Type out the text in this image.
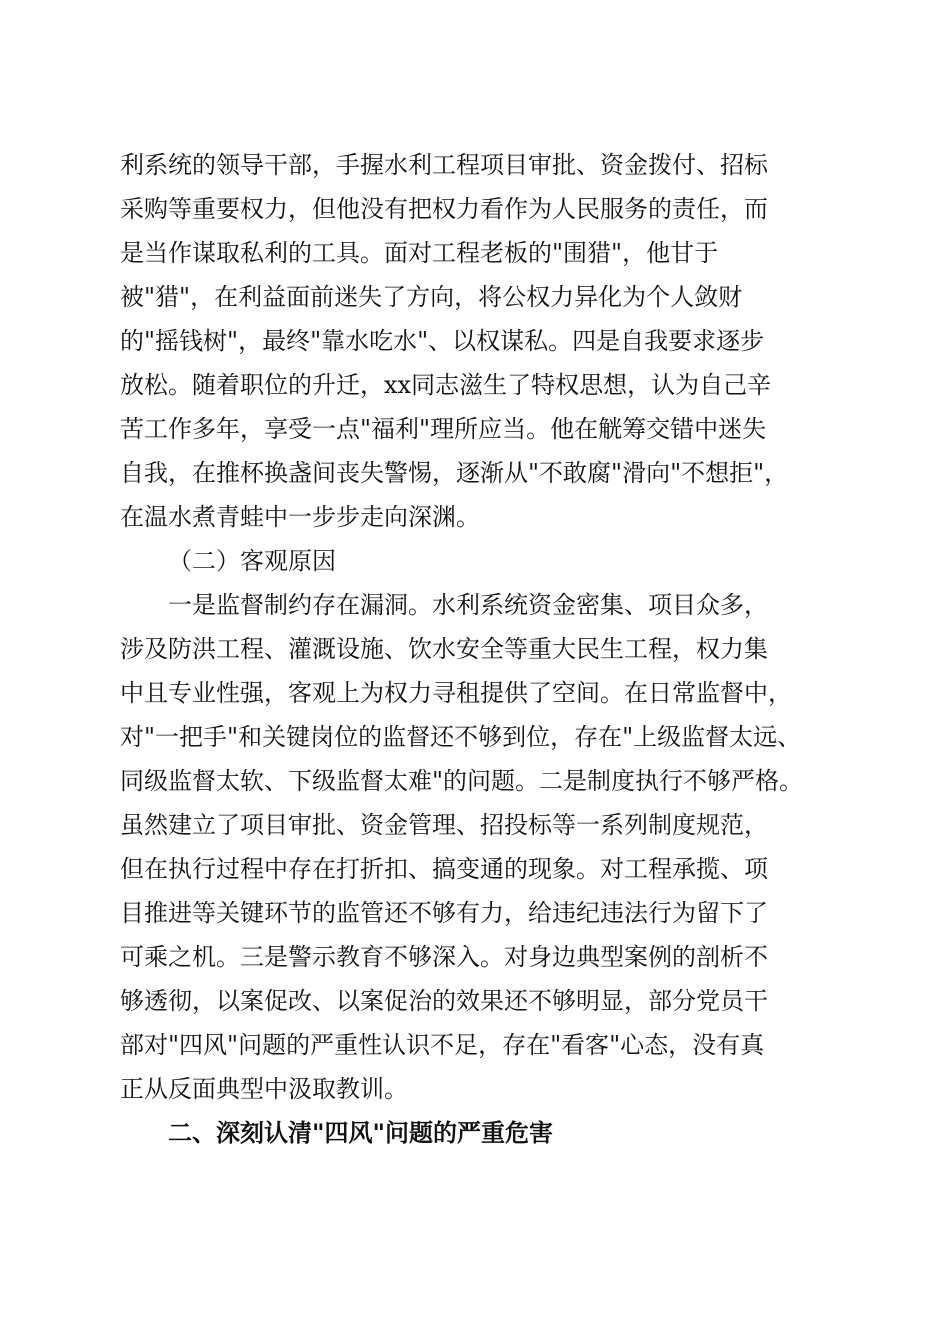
利系统的领导干部，手握水利工程项目审批、资金拨付、招标
采购等重要权力，但他没有把权力看作为人民服务的责任，而
是当作谋取私利的工具。面对工程老板的"围猎"，他甘于
被"猎"，在利益面前迷失了方向，将公权力异化为个人敛财
的"摇钱树"，最终"靠水吃水"、以权谋私。四是自我要求逐步
放松。随着职位的升迁，xx同志滋生了特权思想，认为自己辛
苦工作多年，享受一点"福利"理所应当。他在觥筹交错中迷失
自我，在推杯换盏间丧失警惕，逐渐从"不敢腐"滑向"不想拒"，
在温水煮青蛙中一步步走向深渊。
（二）客观原因
一是监督制约存在漏洞。水利系统资金密集、项目众多，
涉及防洪工程、灌溉设施、饮水安全等重大民生工程，权力集
中且专业性强，客观上为权力寻租提供了空间。在日常监督中，
对"一把手"和关键岗位的监督还不够到位，存在"上级监督太远、
同级监督太软、下级监督太难"的问题。二是制度执行不够严格。
虽然建立了项目审批、资金管理、招投标等一系列制度规范，
但在执行过程中存在打折扣、搞变通的现象。对工程承揽、项
目推进等关键环节的监管还不够有力，给违纪违法行为留下了
可乘之机。三是警示教育不够深入。对身边典型案例的剖析不
够透彻，以案促改、以案促治的效果还不够明显，部分党员干
部对"四风"问题的严重性认识不足，存在"看客"心态，没有真
正从反面典型中汲取教训。
二、深刻认清"四风"问题的严重危害
